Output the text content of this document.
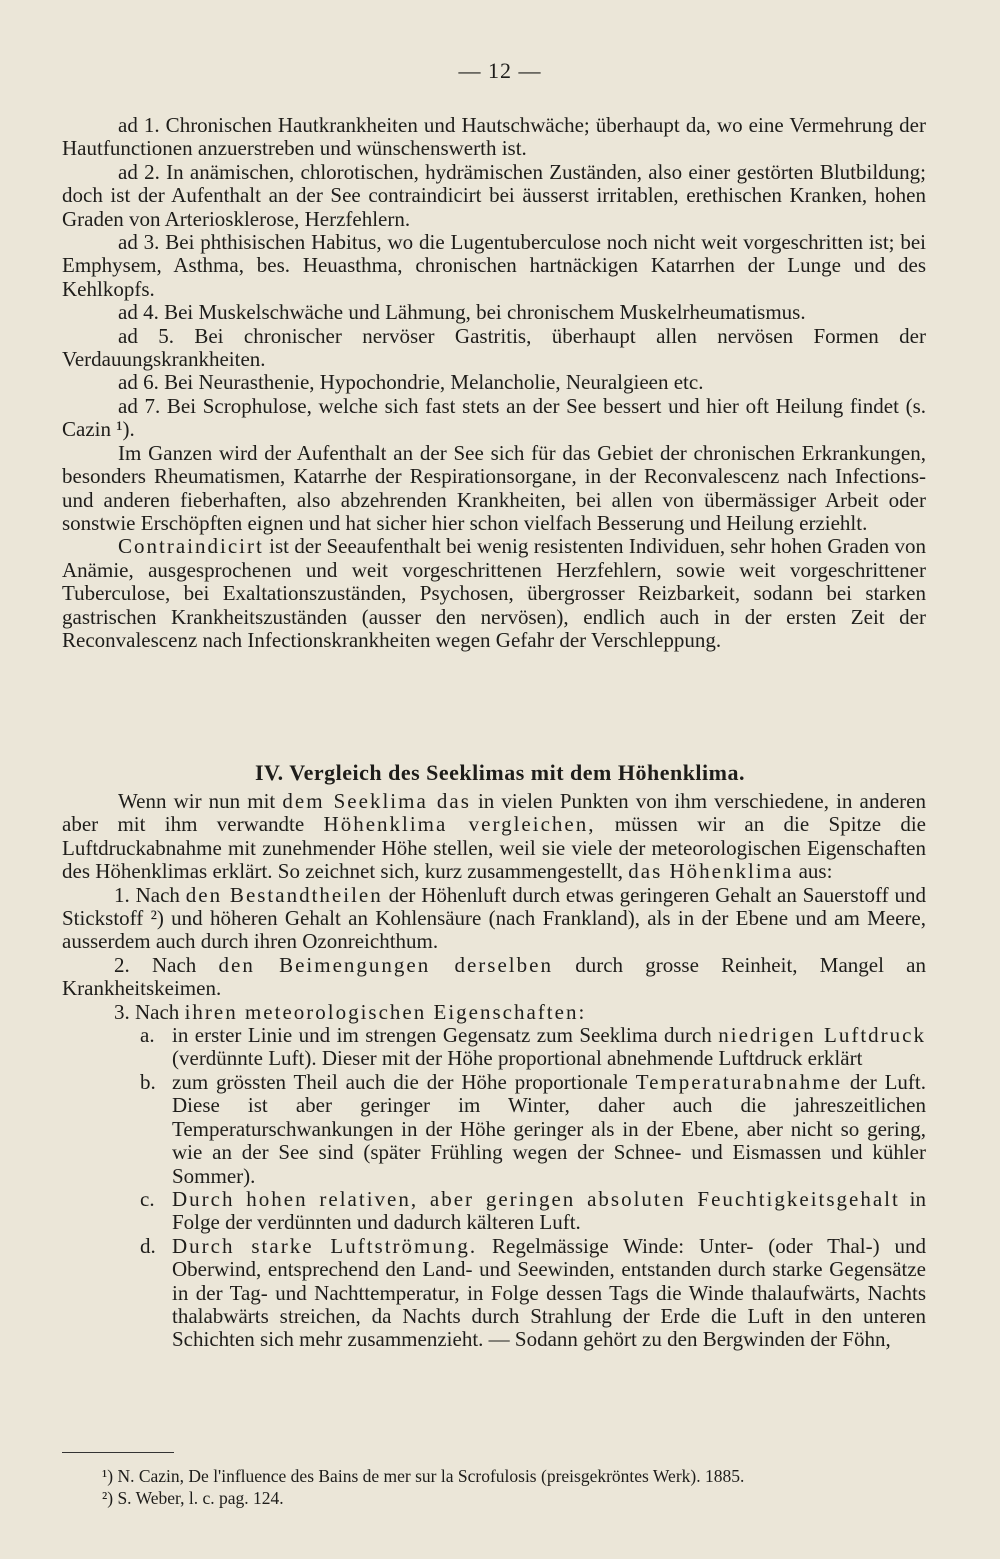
— 12 —

ad 1. Chronischen Hautkrankheiten und Hautschwäche; überhaupt da, wo eine Vermehrung der Hautfunctionen anzuerstreben und wünschenswerth ist.

ad 2. In anämischen, chlorotischen, hydrämischen Zuständen, also einer gestörten Blutbildung; doch ist der Aufenthalt an der See contraindicirt bei äusserst irritablen, erethischen Kranken, hohen Graden von Arteriosklerose, Herzfehlern.

ad 3. Bei phthisischen Habitus, wo die Lugentuberculose noch nicht weit vorgeschritten ist; bei Emphysem, Asthma, bes. Heuasthma, chronischen hartnäckigen Katarrhen der Lunge und des Kehlkopfs.

ad 4. Bei Muskelschwäche und Lähmung, bei chronischem Muskelrheumatismus.

ad 5. Bei chronischer nervöser Gastritis, überhaupt allen nervösen Formen der Verdauungskrankheiten.

ad 6. Bei Neurasthenie, Hypochondrie, Melancholie, Neuralgieen etc.

ad 7. Bei Scrophulose, welche sich fast stets an der See bessert und hier oft Heilung findet (s. Cazin ¹).

Im Ganzen wird der Aufenthalt an der See sich für das Gebiet der chronischen Erkrankungen, besonders Rheumatismen, Katarrhe der Respirationsorgane, in der Reconvalescenz nach Infections- und anderen fieberhaften, also abzehrenden Krankheiten, bei allen von übermässiger Arbeit oder sonstwie Erschöpften eignen und hat sicher hier schon vielfach Besserung und Heilung erziehlt.

Contraindicirt ist der Seeaufenthalt bei wenig resistenten Individuen, sehr hohen Graden von Anämie, ausgesprochenen und weit vorgeschrittenen Herzfehlern, sowie weit vorgeschrittener Tuberculose, bei Exaltationszuständen, Psychosen, übergrosser Reizbarkeit, sodann bei starken gastrischen Krankheitszuständen (ausser den nervösen), endlich auch in der ersten Zeit der Reconvalescenz nach Infectionskrankheiten wegen Gefahr der Verschleppung.

IV. Vergleich des Seeklimas mit dem Höhenklima.

Wenn wir nun mit dem Seeklima das in vielen Punkten von ihm verschiedene, in anderen aber mit ihm verwandte Höhenklima vergleichen, müssen wir an die Spitze die Luftdruckabnahme mit zunehmender Höhe stellen, weil sie viele der meteorologischen Eigenschaften des Höhenklimas erklärt. So zeichnet sich, kurz zusammengestellt, das Höhenklima aus:

1. Nach den Bestandtheilen der Höhenluft durch etwas geringeren Gehalt an Sauerstoff und Stickstoff ²) und höheren Gehalt an Kohlensäure (nach Frankland), als in der Ebene und am Meere, ausserdem auch durch ihren Ozonreichthum.

2. Nach den Beimengungen derselben durch grosse Reinheit, Mangel an Krankheitskeimen.

3. Nach ihren meteorologischen Eigenschaften:

a. in erster Linie und im strengen Gegensatz zum Seeklima durch niedrigen Luftdruck (verdünnte Luft). Dieser mit der Höhe proportional abnehmende Luftdruck erklärt

b. zum grössten Theil auch die der Höhe proportionale Temperaturabnahme der Luft. Diese ist aber geringer im Winter, daher auch die jahreszeitlichen Temperaturschwankungen in der Höhe geringer als in der Ebene, aber nicht so gering, wie an der See sind (später Frühling wegen der Schnee- und Eismassen und kühler Sommer).

c. Durch hohen relativen, aber geringen absoluten Feuchtigkeitsgehalt in Folge der verdünnten und dadurch kälteren Luft.

d. Durch starke Luftströmung. Regelmässige Winde: Unter- (oder Thal-) und Oberwind, entsprechend den Land- und Seewinden, entstanden durch starke Gegensätze in der Tag- und Nachttemperatur, in Folge dessen Tags die Winde thalaufwärts, Nachts thalabwärts streichen, da Nachts durch Strahlung der Erde die Luft in den unteren Schichten sich mehr zusammenzieht. — Sodann gehört zu den Bergwinden der Föhn,

¹) N. Cazin, De l'influence des Bains de mer sur la Scrofulosis (preisgekröntes Werk). 1885.
²) S. Weber, l. c. pag. 124.
